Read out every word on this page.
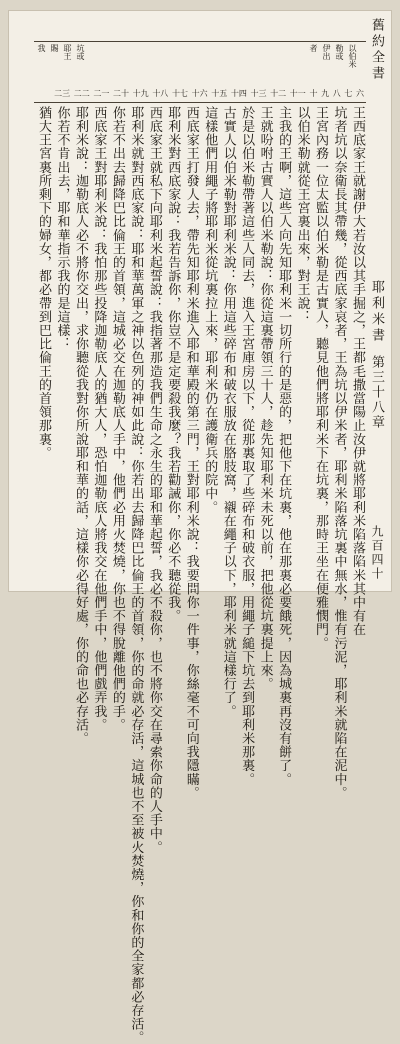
舊約全書
耶利米書
第三十八章
九百四十
以伯米
勒或
伊出
者
坑或
耶王
賜
我
六
七
八
九
十
十一
十二
十三
十四
十五
十六
十七
十八
十九
二十
二一
二二
二三
王西底家王就謝伊大若汝以其手掘之，王都毛撒當陽止汝伊就將耶利米陷落陷米其中有在
坑者坑以奈衛長其帶幾，從西底家哀者，王為坑以伊米者，耶利米陷落坑裏中無水，惟有污泥，耶利米就陷在泥中。
王宮內務一位太監以伯米勒是古實人，聽見他們將耶利米下在坑裏，那時王坐在便雅憫門。
以伯米勒就從王宮裏出來，對王說：
主我的王啊，這些人向先知耶利米一切所行的是惡的，把他下在坑裏，他在那裏必要餓死，因為城裏再沒有餅了。
王就吩咐古實人以伯米勒說：你從這裏帶領三十人，趁先知耶利米未死以前，把他從坑裏提上來。
於是以伯米勒帶著這些人同去，進入王宮庫房以下，從那裏取了些碎布和破衣服，用繩子縋下坑去到耶利米那裏。
古實人以伯米勒對耶利米說：你用這些碎布和破衣服放在胳肢窩，襯在繩子以下，耶利米就這樣行了。
這樣他們用繩子將耶利米從坑裏拉上來，耶利米仍在護衛兵的院中。
西底家王打發人去，帶先知耶利米進入耶和華殿的第三門，王對耶利米說：我要問你一件事，你絲毫不可向我隱瞞。
耶利米對西底家說：我若告訴你，你豈不是定要殺我麼？我若勸誡你，你必不聽從我。
西底家王就私下向耶利米起誓說：我指著那造我們生命之永生的耶和華起誓，我必不殺你，也不將你交在尋索你命的人手中。
耶利米就對西底家說：耶和華萬軍之神以色列的神如此說：你若出去歸降巴比倫王的首領，你的命就必存活，這城也不至被火焚燒，你和你的全家都必存活。
你若不出去歸降巴比倫王的首領，這城必交在迦勒底人手中，他們必用火焚燒，你也不得脫離他們的手。
西底家王對耶利米說：我怕那些投降迦勒底人的猶大人，恐怕迦勒底人將我交在他們手中，他們戲弄我。
耶利米說：迦勒底人必不將你交出，求你聽從我對你所說耶和華的話，這樣你必得好處，你的命也必存活。
你若不肯出去，耶和華指示我的是這樣：
猶大王宮裏所剩下的婦女，都必帶到巴比倫王的首領那裏。
